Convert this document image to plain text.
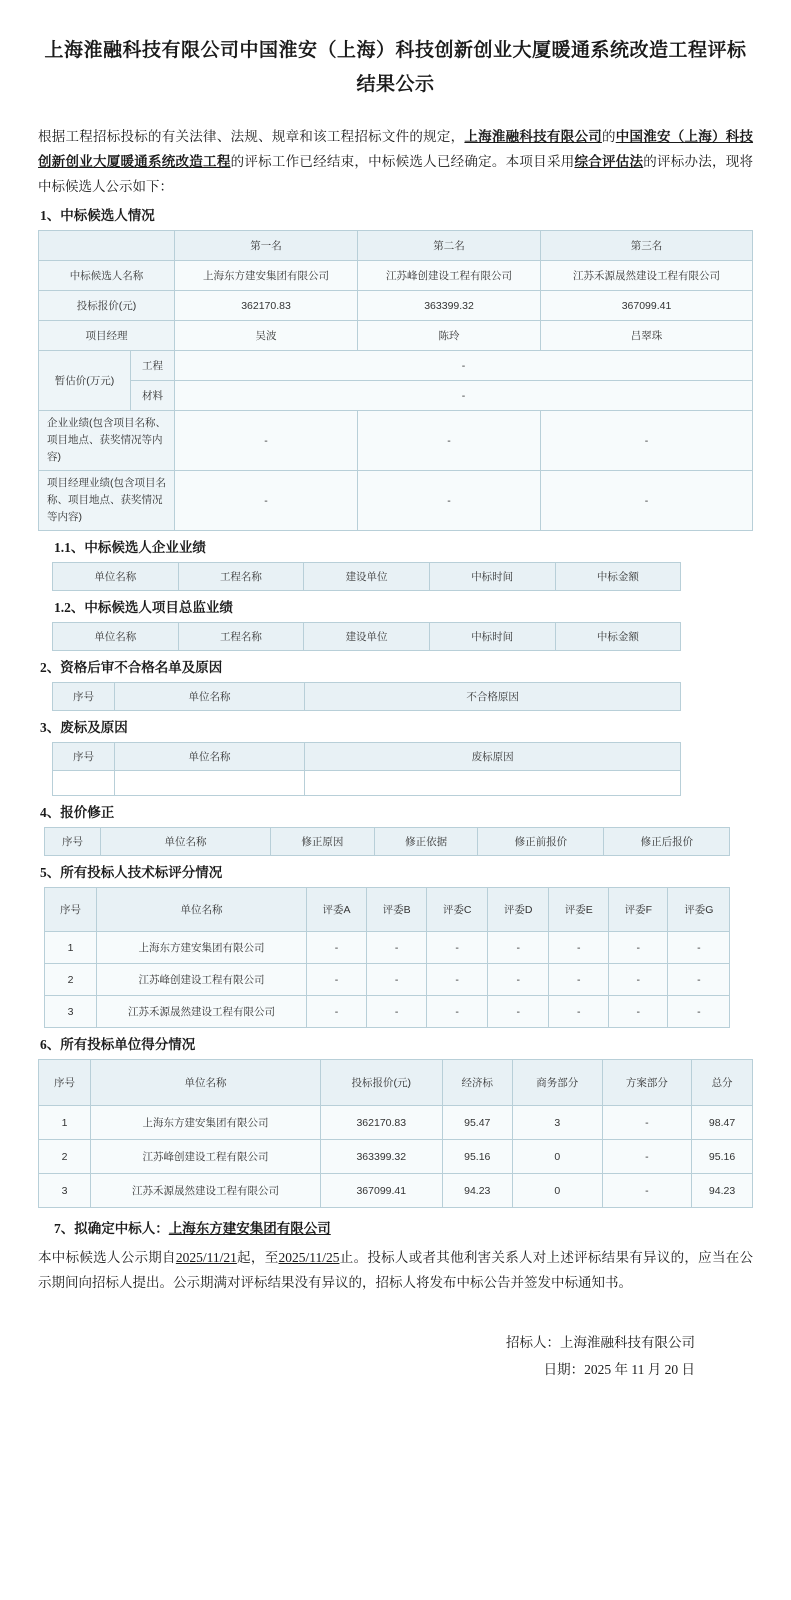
上海淮融科技有限公司中国淮安（上海）科技创新创业大厦暖通系统改造工程评标结果公示

根据工程招标投标的有关法律、法规、规章和该工程招标文件的规定，上海淮融科技有限公司的中国淮安（上海）科技创新创业大厦暖通系统改造工程的评标工作已经结束，中标候选人已经确定。本项目采用综合评估法的评标办法，现将中标候选人公示如下：

1、中标候选人情况
		第一名	第二名	第三名
中标候选人名称		上海东方建安集团有限公司	江苏峰创建设工程有限公司	江苏禾源晟然建设工程有限公司
投标报价(元)		362170.83	363399.32	367099.41
项目经理		吴波	陈玲	吕翠珠
暂估价(万元)	工程	-		
	材料	-		
企业业绩(包含项目名称、项目地点、获奖情况等内容)		-	-	-
项目经理业绩(包含项目名称、项目地点、获奖情况等内容)		-	-	-
1.1、中标候选人企业业绩
单位名称	工程名称	建设单位	中标时间	中标金额
1.2、中标候选人项目总监业绩
单位名称	工程名称	建设单位	中标时间	中标金额
2、资格后审不合格名单及原因
序号	单位名称	不合格原因
3、废标及原因
序号	单位名称	废标原因

4、报价修正
序号	单位名称	修正原因	修正依据	修正前报价	修正后报价
5、所有投标人技术标评分情况
序号	单位名称	评委A	评委B	评委C	评委D	评委E	评委F	评委G
1	上海东方建安集团有限公司	-	-	-	-	-	-	-
2	江苏峰创建设工程有限公司	-	-	-	-	-	-	-
3	江苏禾源晟然建设工程有限公司	-	-	-	-	-	-	-
6、所有投标单位得分情况
序号	单位名称	投标报价(元)	经济标	商务部分	方案部分	总分
1	上海东方建安集团有限公司	362170.83	95.47	3	-	98.47
2	江苏峰创建设工程有限公司	363399.32	95.16	0	-	95.16
3	江苏禾源晟然建设工程有限公司	367099.41	94.23	0	-	94.23

7、拟确定中标人：上海东方建安集团有限公司

本中标候选人公示期自2025/11/21起，至2025/11/25止。投标人或者其他利害关系人对上述评标结果有异议的，应当在公示期间向招标人提出。公示期满对评标结果没有异议的，招标人将发布中标公告并签发中标通知书。

招标人：上海淮融科技有限公司
日期：2025 年 11 月 20 日
